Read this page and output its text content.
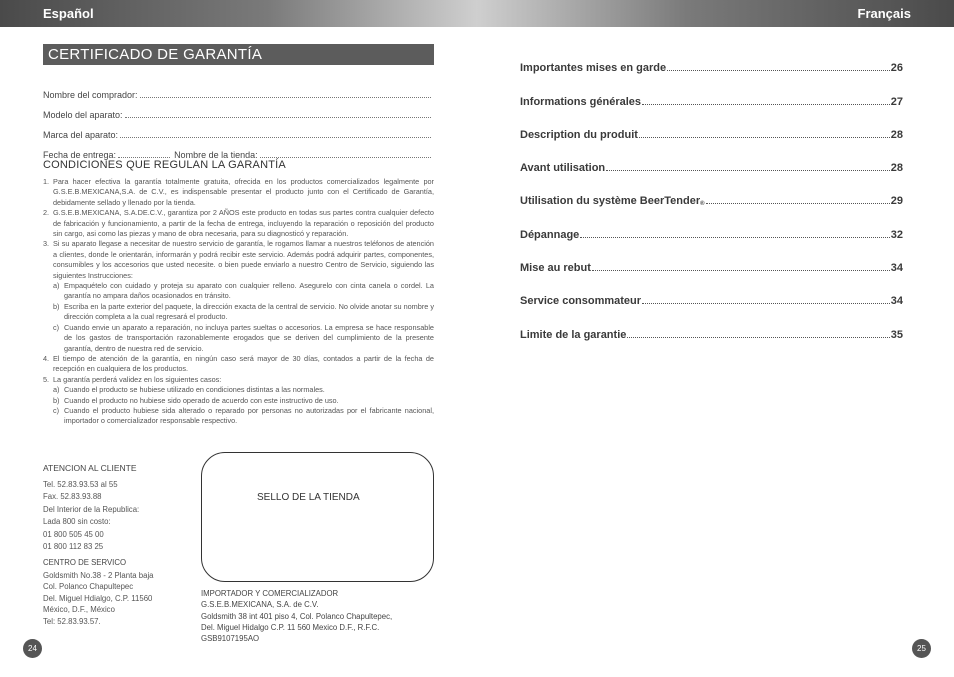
Español	Français
CERTIFICADO DE GARANTÍA
Nombre del comprador:
Modelo del aparato:
Marca del aparato:
Fecha de entrega:	Nombre de la tienda:
CONDICIONES QUE REGULAN LA GARANTÍA
1. Para hacer efectiva la garantía totalmente gratuita, ofrecida en los productos comercializados legalmente por G.S.E.B.MEXICANA,S.A. de C.V., es indispensable presentar el producto junto con el Certificado de Garantía, debidamente sellado y llenado por la tienda.
2. G.S.E.B.MEXICANA, S.A.DE.C.V., garantiza por 2 AÑOS este producto en todas sus partes contra cualquier defecto de fabricación y funcionamiento, a partir de la fecha de entrega, incluyendo la reparación o reposición del producto sin cargo, asi como las piezas y mano de obra necesaria, para su diagnosticó y reparación.
3. Si su aparato llegase a necesitar de nuestro servicio de garantía, le rogamos llamar a nuestros teléfonos de atención a clientes, donde le orientarán, informarán y podrá recibir este servicio. Además podrá adquirir partes, componentes, consumibles y los accesorios que usted necesite. o bien puede enviarlo a nuestro Centro de Servicio, siguiendo las siguientes Instrucciones:
a) Empaquételo con cuidado y proteja su aparato con cualquier relleno. Asegurelo con cinta canela o cordel. La garantía no ampara daños ocasionados en tránsito.
b) Escriba en la parte exterior del paquete, la dirección exacta de la central de servicio. No olvide anotar su nombre y dirección completa a la cual regresará el producto.
c) Cuando envie un aparato a reparación, no incluya partes sueltas o accesorios. La empresa se hace responsable de los gastos de transportación razonablemente erogados que se deriven del cumplimiento de la presente garantía, dentro de nuestra red de servicio.
4. El tiempo de atención de la garantía, en ningún caso será mayor de 30 días, contados a partir de la fecha de recepción en cualquiera de los productos.
5. La garantía perderá validez en los siguientes casos:
a) Cuando el producto se hubiese utilizado en condiciones distintas a las normales.
b) Cuando el producto no hubiese sido operado de acuerdo con este instructivo de uso.
c) Cuando el producto hubiese sida alterado o reparado por personas no autorizadas por el fabricante nacional, importador o comercializador responsable respectivo.
ATENCION AL CLIENTE
Tel. 52.83.93.53 al 55
Fax. 52.83.93.88
Del Interior de la Republica:
Lada 800 sin costo:
01 800 505 45 00
01 800 112 83 25
CENTRO DE SERVICO
Goldsmith No.38 - 2 Planta baja
Col. Polanco Chapultepec
Del. Miguel Hdialgo, C.P. 11560
México, D.F., México
Tel: 52.83.93.57.
SELLO DE LA TIENDA
IMPORTADOR Y COMERCIALIZADOR
G.S.E.B.MEXICANA, S.A. de C.V.
Goldsmith 38 int 401 piso 4, Col. Polanco Chapultepec,
Del. Miguel Hidalgo C.P. 11 560 Mexico D.F., R.F.C.
GSB9107195AO
Importantes mises en garde	26
Informations générales	27
Description du produit	28
Avant utilisation	28
Utilisation du système BeerTender$_®$	29
Dépannage	32
Mise au rebut	34
Service consommateur	34
Limite de la garantie	35
24	25
